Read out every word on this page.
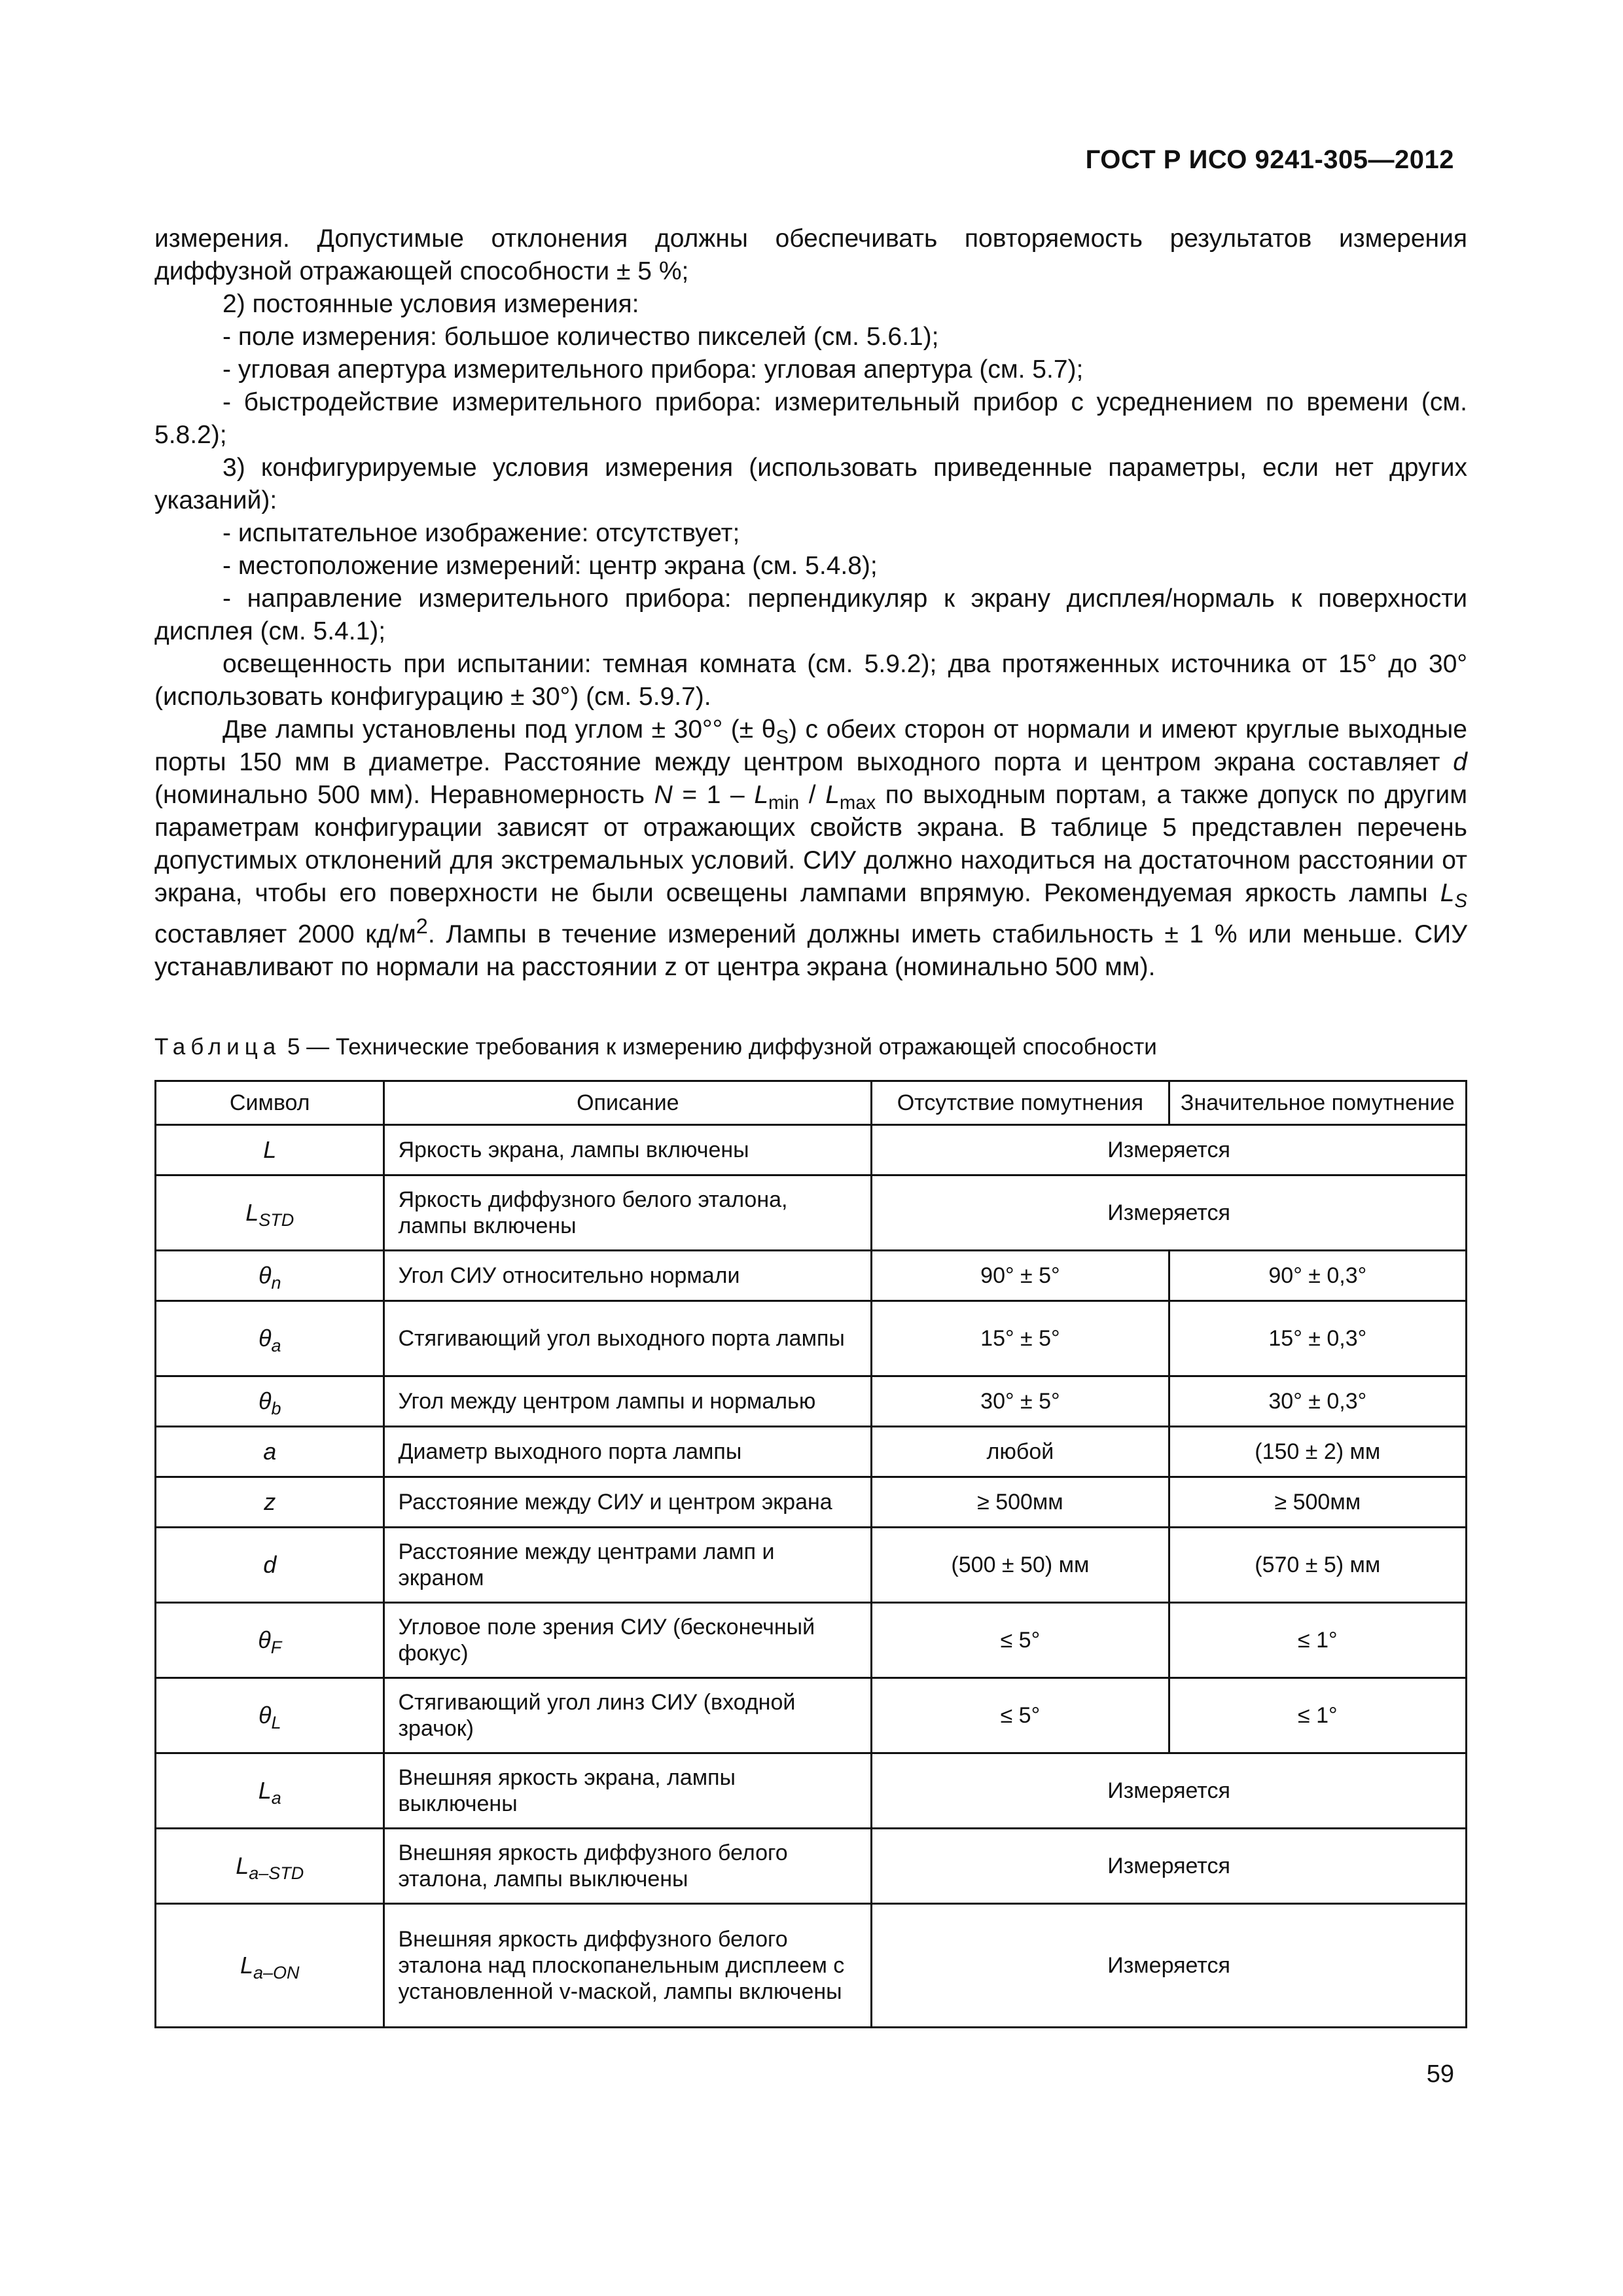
ГОСТ Р ИСО 9241-305—2012

измерения. Допустимые отклонения должны обеспечивать повторяемость результатов измерения диффузной отражающей способности ± 5 %;

2) постоянные условия измерения:

- поле измерения: большое количество пикселей (см. 5.6.1);

- угловая апертура измерительного прибора: угловая апертура (см. 5.7);

- быстродействие измерительного прибора: измерительный прибор с усреднением по времени (см. 5.8.2);

3) конфигурируемые условия измерения (использовать приведенные параметры, если нет других указаний):

- испытательное изображение: отсутствует;

- местоположение измерений: центр экрана (см. 5.4.8);

- направление измерительного прибора: перпендикуляр к экрану дисплея/нормаль к поверхности дисплея (см. 5.4.1);

освещенность при испытании: темная комната (см. 5.9.2); два протяженных источника от 15° до 30° (использовать конфигурацию ± 30°) (см. 5.9.7).

Две лампы установлены под углом ± 30°° (± $\theta_S$) с обеих сторон от нормали и имеют круглые выходные порты 150 мм в диаметре. Расстояние между центром выходного порта и центром экрана составляет d (номинально 500 мм). Неравномерность $N = 1 - L_{min} / L_{max}$ по выходным портам, а также допуск по другим параметрам конфигурации зависят от отражающих свойств экрана. В таблице 5 представлен перечень допустимых отклонений для экстремальных условий. СИУ должно находиться на достаточном расстоянии от экрана, чтобы его поверхности не были освещены лампами впрямую. Рекомендуемая яркость лампы $L_S$ составляет 2000 $кд/м^2$. Лампы в течение измерений должны иметь стабильность ± 1 % или меньше. СИУ устанавливают по нормали на расстоянии z от центра экрана (номинально 500 мм).

Таблица 5 — Технические требования к измерению диффузной отражающей способности
Символ	Описание	Отсутствие помутнения	Значительное помутнение
L	Яркость экрана, лампы включены	Измеряется	
$L_{STD}$	Яркость диффузного белого эталона, лампы включены	Измеряется	
$\theta_n$	Угол СИУ относительно нормали	90° ± 5°	90° ± 0,3°
$\theta_a$	Стягивающий угол выходного порта лампы	15° ± 5°	15° ± 0,3°
$\theta_b$	Угол между центром лампы и нормалью	30° ± 5°	30° ± 0,3°
a	Диаметр выходного порта лампы	любой	(150 ± 2) мм
z	Расстояние между СИУ и центром экрана	≥ 500мм	≥ 500мм
d	Расстояние между центрами ламп и экраном	(500 ± 50) мм	(570 ± 5) мм
$\theta_F$	Угловое поле зрения СИУ (бесконечный фокус)	≤ 5°	≤ 1°
$\theta_L$	Стягивающий угол линз СИУ (входной зрачок)	≤ 5°	≤ 1°
$L_a$	Внешняя яркость экрана, лампы выключены	Измеряется	
$L_{a-STD}$	Внешняя яркость диффузного белого эталона, лампы выключены	Измеряется	
$L_{a-ON}$	Внешняя яркость диффузного белого эталона над плоскопанельным дисплеем с установленной v-маской, лампы включены	Измеряется	
59
